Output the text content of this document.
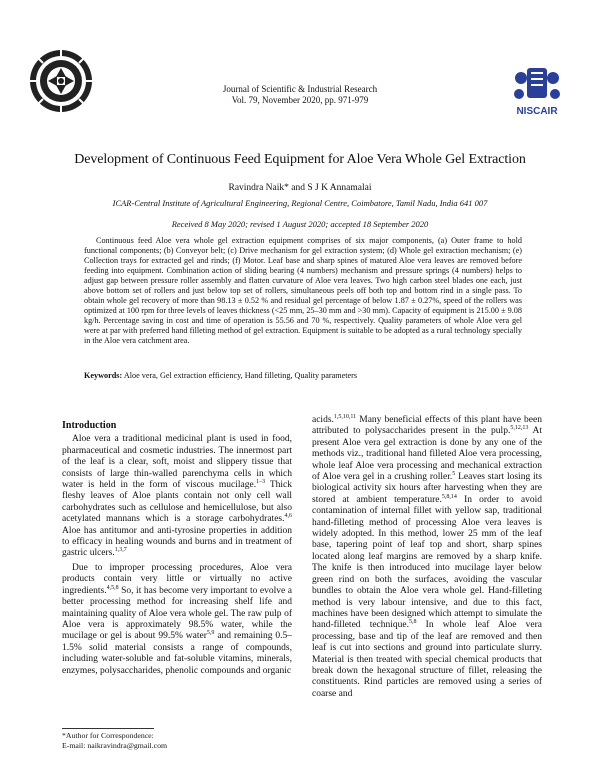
NISCAIR
Journal of Scientific & Industrial Research
Vol. 79, November 2020, pp. 971-979
Development of Continuous Feed Equipment for Aloe Vera Whole Gel Extraction
Ravindra Naik* and S J K Annamalai
ICAR-Central Institute of Agricultural Engineering, Regional Centre, Coimbatore, Tamil Nadu, India 641 007
Received 8 May 2020; revised 1 August 2020; accepted 18 September 2020

Continuous feed Aloe vera whole gel extraction equipment comprises of six major components, (a) Outer frame to hold functional components; (b) Conveyor belt; (c) Drive mechanism for gel extraction system; (d) Whole gel extraction mechanism; (e) Collection trays for extracted gel and rinds; (f) Motor. Leaf base and sharp spines of matured Aloe vera leaves are removed before feeding into equipment. Combination action of sliding bearing (4 numbers) mechanism and pressure springs (4 numbers) helps to adjust gap between pressure roller assembly and flatten curvature of Aloe vera leaves. Two high carbon steel blades one each, just above bottom set of rollers and just below top set of rollers, simultaneous peels off both top and bottom rind in a single pass. To obtain whole gel recovery of more than 98.13 ± 0.52 % and residual gel percentage of below 1.87 ± 0.27%, speed of the rollers was optimized at 100 rpm for three levels of leaves thickness (<25 mm, 25–30 mm and >30 mm). Capacity of equipment is 215.00 ± 9.08 kg/h. Percentage saving in cost and time of operation is 55.56 and 70 %, respectively. Quality parameters of whole Aloe vera gel were at par with preferred hand filleting method of gel extraction. Equipment is suitable to be adopted as a rural technology specially in the Aloe vera catchment area.

Keywords: Aloe vera, Gel extraction efficiency, Hand filleting, Quality parameters
Introduction

Aloe vera a traditional medicinal plant is used in food, pharmaceutical and cosmetic industries. The innermost part of the leaf is a clear, soft, moist and slippery tissue that consists of large thin-walled parenchyma cells in which water is held in the form of viscous mucilage.$^{1-3}$ Thick fleshy leaves of Aloe plants contain not only cell wall carbohydrates such as cellulose and hemicellulose, but also acetylated mannans which is a storage carbohydrates.$^{4,6}$ Aloe has antitumor and anti-tyrosine properties in addition to efficacy in healing wounds and burns and in treatment of gastric ulcers.$^{1,3,7}$

Due to improper processing procedures, Aloe vera products contain very little or virtually no active ingredients.$^{4,5,8}$ So, it has become very important to evolve a better processing method for increasing shelf life and maintaining quality of Aloe vera whole gel. The raw pulp of Aloe vera is approximately 98.5% water, while the mucilage or gel is about 99.5% water$^{5,9}$ and remaining 0.5–1.5% solid material consists a range of compounds, including water-soluble and fat-soluble vitamins, minerals, enzymes, polysaccharides, phenolic compounds and organic

acids.$^{1,5,10,11}$ Many beneficial effects of this plant have been attributed to polysaccharides present in the pulp.$^{5,12,13}$ At present Aloe vera gel extraction is done by any one of the methods viz., traditional hand filleted Aloe vera processing, whole leaf Aloe vera processing and mechanical extraction of Aloe vera gel in a crushing roller.$^5$ Leaves start losing its biological activity six hours after harvesting when they are stored at ambient temperature.$^{5,8,14}$ In order to avoid contamination of internal fillet with yellow sap, traditional hand-filleting method of processing Aloe vera leaves is widely adopted. In this method, lower 25 mm of the leaf base, tapering point of leaf top and short, sharp spines located along leaf margins are removed by a sharp knife. The knife is then introduced into mucilage layer below green rind on both the surfaces, avoiding the vascular bundles to obtain the Aloe vera whole gel. Hand-filleting method is very labour intensive, and due to this fact, machines have been designed which attempt to simulate the hand-filleted technique.$^{5,8}$ In whole leaf Aloe vera processing, base and tip of the leaf are removed and then leaf is cut into sections and ground into particulate slurry. Material is then treated with special chemical products that break down the hexagonal structure of fillet, releasing the constituents. Rind particles are removed using a series of coarse and

*Author for Correspondence:
E-mail: naikravindra@gmail.com
